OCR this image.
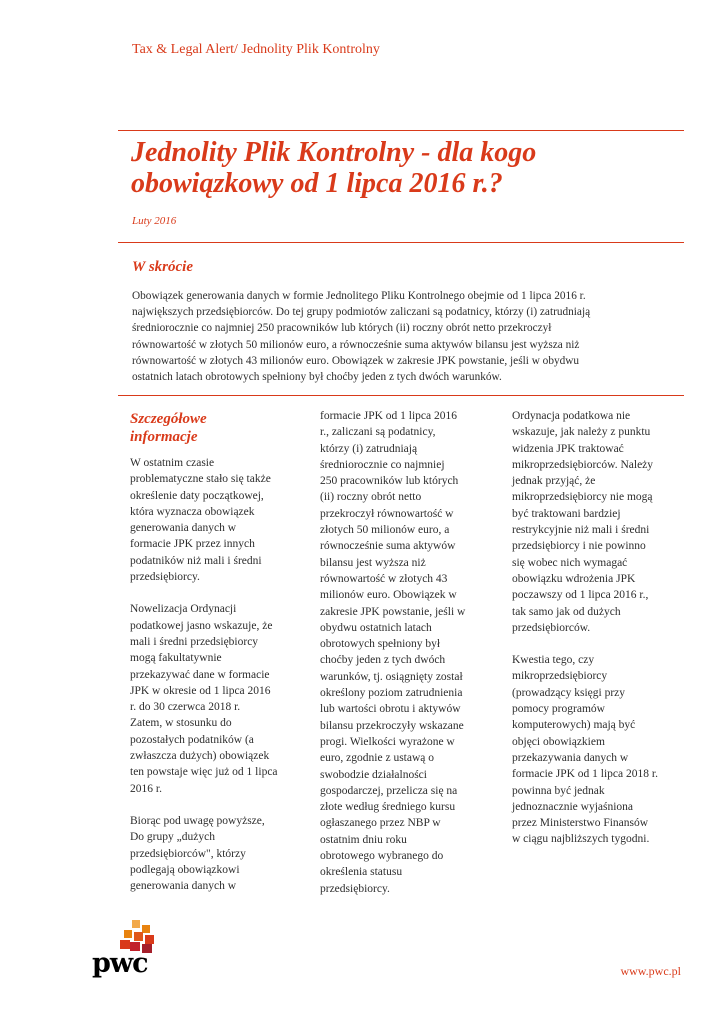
Tax & Legal Alert/ Jednolity Plik Kontrolny
Jednolity Plik Kontrolny - dla kogo
obowiązkowy od 1 lipca 2016 r.?
Luty 2016
W skrócie

Obowiązek generowania danych w formie Jednolitego Pliku Kontrolnego obejmie od 1 lipca 2016 r.
największych przedsiębiorców. Do tej grupy podmiotów zaliczani są podatnicy, którzy (i) zatrudniają
średniorocznie co najmniej 250 pracowników lub których (ii) roczny obrót netto przekroczył
równowartość w złotych 50 milionów euro, a równocześnie suma aktywów bilansu jest wyższa niż
równowartość w złotych 43 milionów euro. Obowiązek w zakresie JPK powstanie, jeśli w obydwu
ostatnich latach obrotowych spełniony był choćby jeden z tych dwóch warunków.

Szczegółowe
informacje

W ostatnim czasie
problematyczne stało się także
określenie daty początkowej,
która wyznacza obowiązek
generowania danych w
formacie JPK przez innych
podatników niż mali i średni
przedsiębiorcy.

Nowelizacja Ordynacji
podatkowej jasno wskazuje, że
mali i średni przedsiębiorcy
mogą fakultatywnie
przekazywać dane w formacie
JPK w okresie od 1 lipca 2016
r. do 30 czerwca 2018 r.
Zatem, w stosunku do
pozostałych podatników (a
zwłaszcza dużych) obowiązek
ten powstaje więc już od 1 lipca
2016 r.

Biorąc pod uwagę powyższe,
Do grupy „dużych
przedsiębiorców", którzy
podlegają obowiązkowi
generowania danych w

formacie JPK od 1 lipca 2016
r., zaliczani są podatnicy,
którzy (i) zatrudniają
średniorocznie co najmniej
250 pracowników lub których
(ii) roczny obrót netto
przekroczył równowartość w
złotych 50 milionów euro, a
równocześnie suma aktywów
bilansu jest wyższa niż
równowartość w złotych 43
milionów euro. Obowiązek w
zakresie JPK powstanie, jeśli w
obydwu ostatnich latach
obrotowych spełniony był
choćby jeden z tych dwóch
warunków, tj. osiągnięty został
określony poziom zatrudnienia
lub wartości obrotu i aktywów
bilansu przekroczyły wskazane
progi. Wielkości wyrażone w
euro, zgodnie z ustawą o
swobodzie działalności
gospodarczej, przelicza się na
złote według średniego kursu
ogłaszanego przez NBP w
ostatnim dniu roku
obrotowego wybranego do
określenia statusu
przedsiębiorcy.

Ordynacja podatkowa nie
wskazuje, jak należy z punktu
widzenia JPK traktować
mikroprzedsiębiorców. Należy
jednak przyjąć, że
mikroprzedsiębiorcy nie mogą
być traktowani bardziej
restrykcyjnie niż mali i średni
przedsiębiorcy i nie powinno
się wobec nich wymagać
obowiązku wdrożenia JPK
poczawszy od 1 lipca 2016 r.,
tak samo jak od dużych
przedsiębiorców.

Kwestia tego, czy
mikroprzedsiębiorcy
(prowadzący księgi przy
pomocy programów
komputerowych) mają być
objęci obowiązkiem
przekazywania danych w
formacie JPK od 1 lipca 2018 r.
powinna być jednak
jednoznacznie wyjaśniona
przez Ministerstwo Finansów
w ciągu najbliższych tygodni.

pwc	www.pwc.pl
